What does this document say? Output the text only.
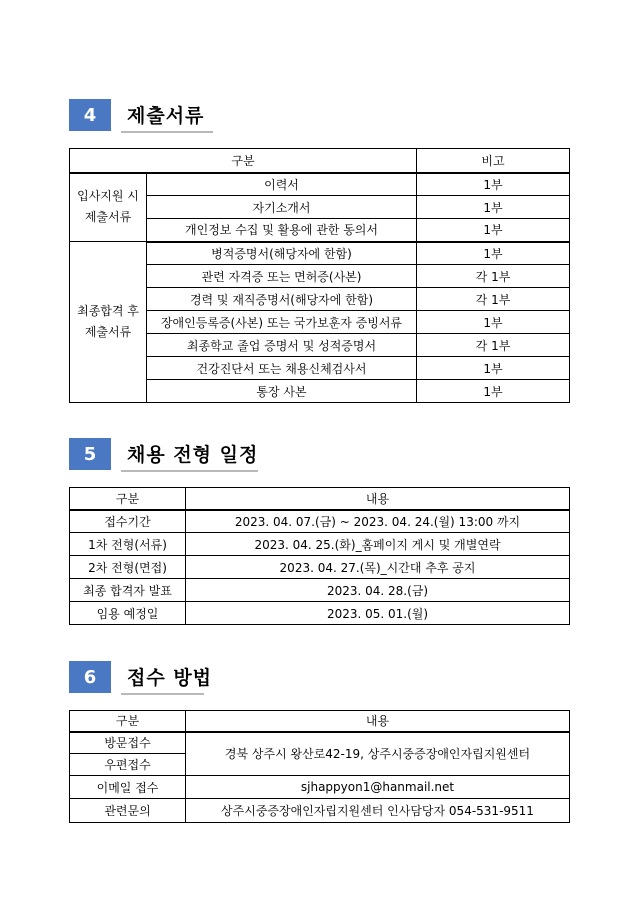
4	제출서류
구분		비고
입사지원 시
제출서류	이력서	1부
	자기소개서	1부
	개인정보 수집 및 활용에 관한 동의서	1부
최종합격 후
제출서류	병적증명서(해당자에 한함)	1부
	관련 자격증 또는 면허증(사본)	각 1부
	경력 및 재직증명서(해당자에 한함)	각 1부
	장애인등록증(사본) 또는 국가보훈자 증빙서류	1부
	최종학교 졸업 증명서 및 성적증명서	각 1부
	건강진단서 또는 채용신체검사서	1부
	통장 사본	1부
5	채용 전형 일정
구분	내용
접수기간	2023. 04. 07.(금) ~ 2023. 04. 24.(월) 13:00 까지
1차 전형(서류)	2023. 04. 25.(화)_홈페이지 게시 및 개별연락
2차 전형(면접)	2023. 04. 27.(목)_시간대 추후 공지
최종 합격자 발표	2023. 04. 28.(금)
임용 예정일	2023. 05. 01.(월)
6	접수 방법
구분	내용
방문접수	경북 상주시 왕산로42-19, 상주시중증장애인자립지원센터
우편접수	
이메일 접수	sjhappyon1@hanmail.net
관련문의	상주시중증장애인자립지원센터 인사담당자 054-531-9511
